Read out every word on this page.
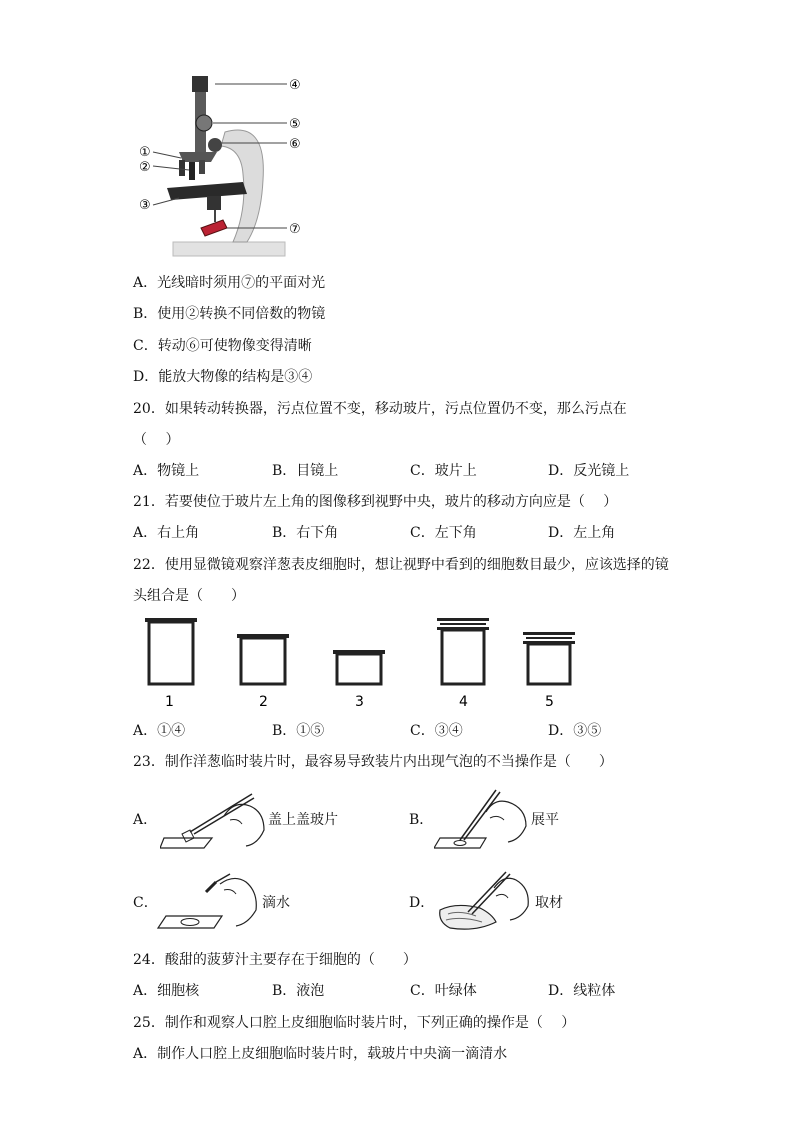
①
②
③
④
⑤
⑥
⑦
A．光线暗时须用⑦的平面对光
B．使用②转换不同倍数的物镜
C．转动⑥可使物像变得清晰
D．能放大物像的结构是③④
20．如果转动转换器，污点位置不变，移动玻片，污点位置仍不变，那么污点在
（　 ）
A．物镜上	B．目镜上	C．玻片上	D．反光镜上
21．若要使位于玻片左上角的图像移到视野中央，玻片的移动方向应是（　 ）
A．右上角	B．右下角	C．左下角	D．左上角
22．使用显微镜观察洋葱表皮细胞时，想让视野中看到的细胞数目最少，应该选择的镜
头组合是（　　）
1	2	3	4	5
A．①④	B．①⑤	C．③④	D．③⑤
23．制作洋葱临时装片时，最容易导致装片内出现气泡的不当操作是（　　）
A．	盖上盖玻片	B．	展平
C．	滴水	D．	取材
24．酸甜的菠萝汁主要存在于细胞的（　　）
A．细胞核	B．液泡	C．叶绿体	D．线粒体
25．制作和观察人口腔上皮细胞临时装片时，下列正确的操作是（　 ）
A．制作人口腔上皮细胞临时装片时，载玻片中央滴一滴清水
